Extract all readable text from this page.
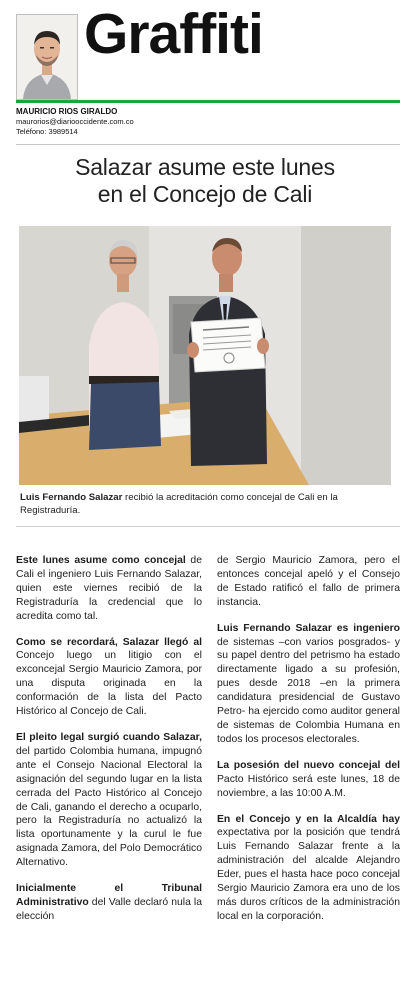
Graffiti
MAURICIO RIOS GIRALDO
maurorios@diariooccidente.com.co
Teléfono: 3989514
Salazar asume este lunes
en el Concejo de Cali
Luis Fernando Salazar recibió la acreditación como concejal de Cali en la Registraduría.

Este lunes asume como concejal de Cali el ingeniero Luis Fernando Salazar, quien este viernes recibió de la Registraduría la credencial que lo acredita como tal.

Como se recordará, Salazar llegó al Concejo luego un litigio con el exconcejal Sergio Mauricio Zamora, por una disputa originada en la conformación de la lista del Pacto Histórico al Concejo de Cali.

El pleito legal surgió cuando Salazar, del partido Colombia humana, impugnó ante el Consejo Nacional Electoral la asignación del segundo lugar en la lista cerrada del Pacto Histórico al Concejo de Cali, ganando el derecho a ocuparlo, pero la Registraduría no actualizó la lista oportunamente y la curul le fue asignada Zamora, del Polo Democrático Alternativo.

Inicialmente el Tribunal Administrativo del Valle declaró nula la elección

de Sergio Mauricio Zamora, pero el entonces concejal apeló y el Consejo de Estado ratificó el fallo de primera instancia.

Luis Fernando Salazar es ingeniero de sistemas –con varios posgrados- y su papel dentro del petrismo ha estado directamente ligado a su profesión, pues desde 2018 –en la primera candidatura presidencial de Gustavo Petro- ha ejercido como auditor general de sistemas de Colombia Humana en todos los procesos electorales.

La posesión del nuevo concejal del Pacto Histórico será este lunes, 18 de noviembre, a las 10:00 A.M.

En el Concejo y en la Alcaldía hay expectativa por la posición que tendrá Luis Fernando Salazar frente a la administración del alcalde Alejandro Eder, pues el hasta hace poco concejal Sergio Mauricio Zamora era uno de los más duros críticos de la administración local en la corporación.
